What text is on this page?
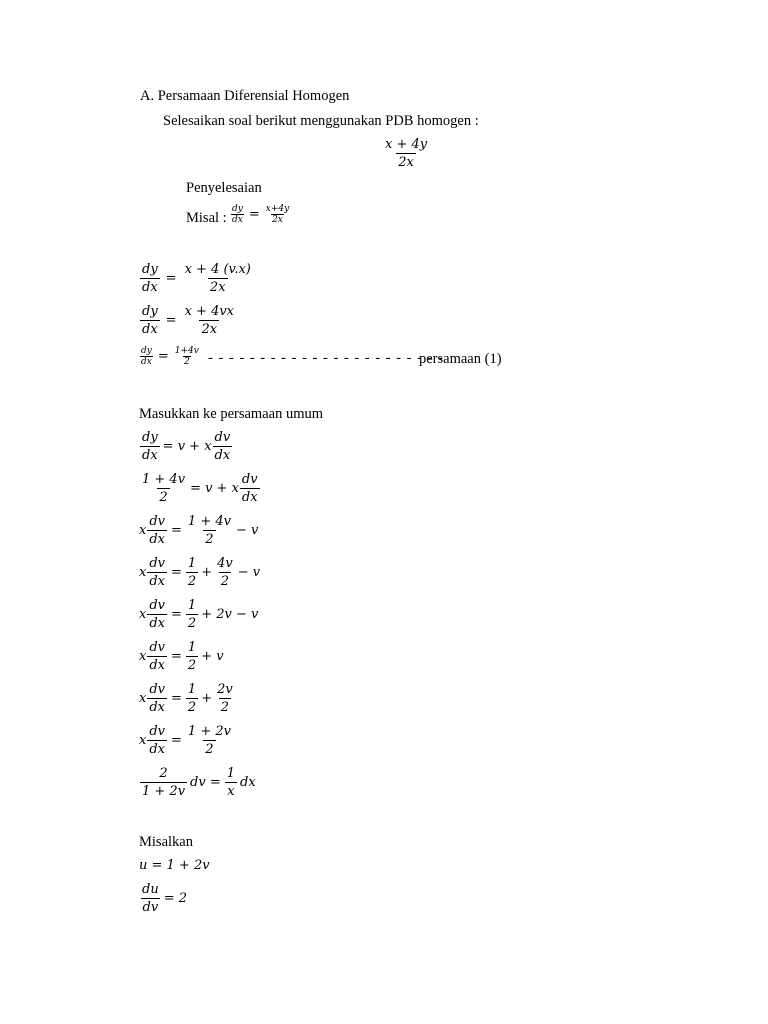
A. Persamaan Diferensial Homogen
Selesaikan soal berikut menggunakan PDB homogen :
$\frac{x + 4y}{2x}$
Penyelesaian
Misal : $\frac{dy}{dx} = \frac{x+4y}{2x}$
$\frac{dy}{dx} = \frac{x + 4 (v.x)}{2x}$
$\frac{dy}{dx} = \frac{x + 4vx}{2x}$
$\frac{dy}{dx} = \frac{1+4v}{2}$ - - - - - - - - - - - - - - - - - - - - - - -
persamaan (1)
Masukkan ke persamaan umum
$\frac{dy}{dx} = v + x \frac{dv}{dx}$
$\frac{1 + 4v}{2} = v + x \frac{dv}{dx}$
x $\frac{dv}{dx} = \frac{1 + 4v}{2} - v$
x $\frac{dv}{dx} = \frac{1}{2} + \frac{4v}{2} - v$
x $\frac{dv}{dx} = \frac{1}{2} + 2v - v$
x $\frac{dv}{dx} = \frac{1}{2} + v$
x $\frac{dv}{dx} = \frac{1}{2} + \frac{2v}{2}$
x $\frac{dv}{dx} = \frac{1 + 2v}{2}$
$\frac{2}{1 + 2v}$ dv = $\frac{1}{x}$ dx
Misalkan
u = 1 + 2v
$\frac{du}{dv} = 2$
